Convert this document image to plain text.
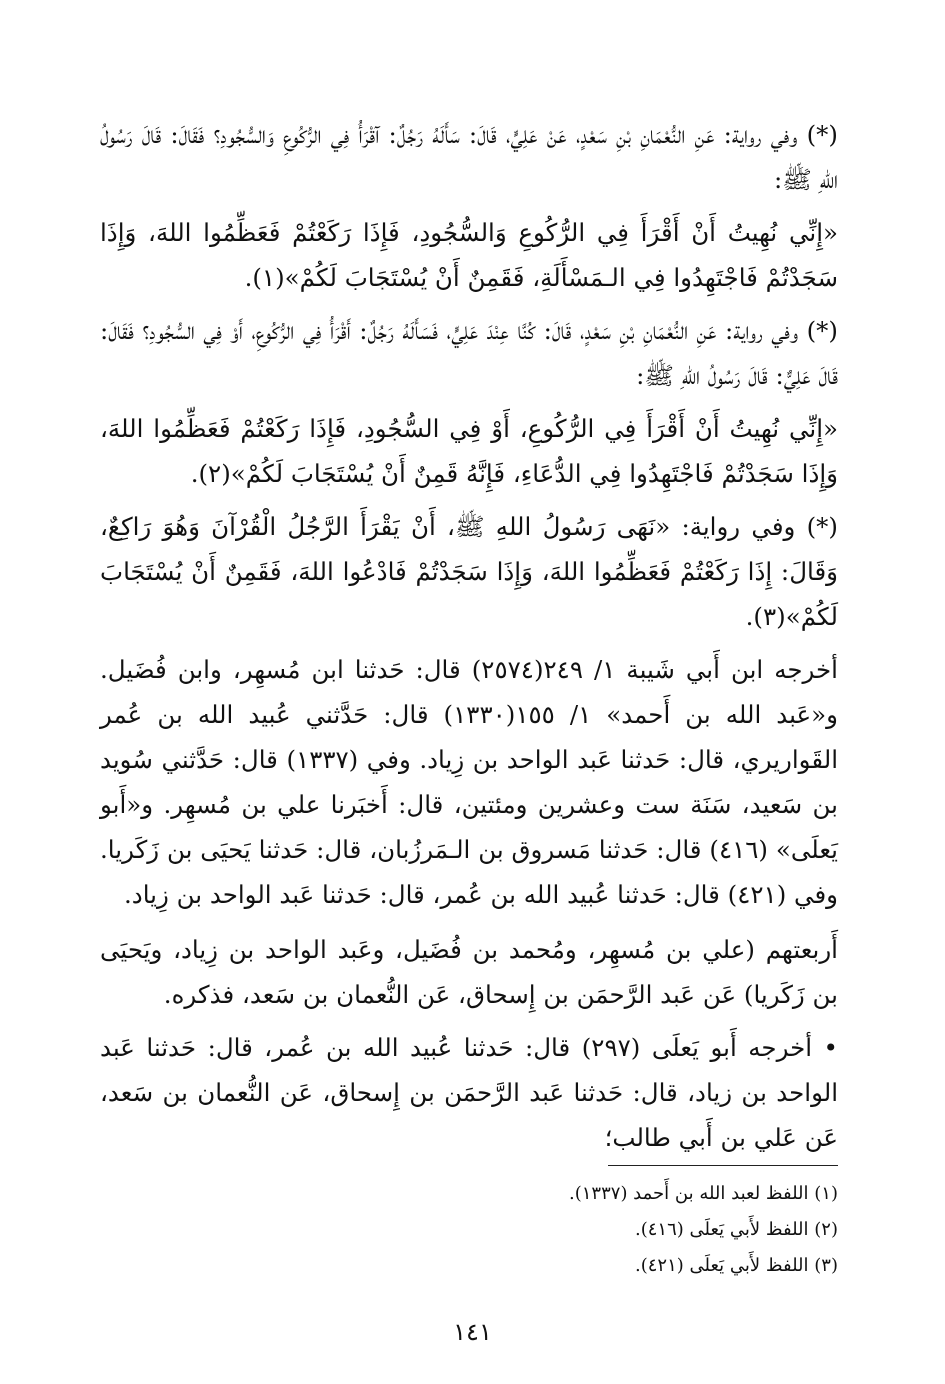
(*) وفي رواية: عَنِ النُّعْمَانِ بْنِ سَعْدٍ، عَنْ عَلِيٍّ، قَالَ: سَأَلَهُ رَجُلٌ: آقْرَأُ فِي الرُّكُوعِ وَالسُّجُودِ؟ فَقَالَ: قَالَ رَسُولُ اللهِ ﷺ:

«إِنِّي نُهِيتُ أَنْ أَقْرَأَ فِي الرُّكُوعِ وَالسُّجُودِ، فَإِذَا رَكَعْتُمْ فَعَظِّمُوا اللهَ، وَإِذَا سَجَدْتُمْ فَاجْتَهِدُوا فِي الـمَسْأَلَةِ، فَقَمِنٌ أَنْ يُسْتَجَابَ لَكُمْ»(١).

(*) وفي رواية: عَنِ النُّعْمَانِ بْنِ سَعْدٍ، قَالَ: كُنَّا عِنْدَ عَلِيٍّ، فَسَأَلَهُ رَجُلٌ: أَقْرَأُ فِي الرُّكُوعِ، أَوْ فِي السُّجُودِ؟ فَقَالَ: قَالَ عَلِيٌّ: قَالَ رَسُولُ اللهِ ﷺ:

«إِنِّي نُهِيتُ أَنْ أَقْرَأَ فِي الرُّكُوعِ، أَوْ فِي السُّجُودِ، فَإِذَا رَكَعْتُمْ فَعَظِّمُوا اللهَ، وَإِذَا سَجَدْتُمْ فَاجْتَهِدُوا فِي الدُّعَاءِ، فَإِنَّهُ قَمِنٌ أَنْ يُسْتَجَابَ لَكُمْ»(٢).

(*) وفي رواية: «نَهَى رَسُولُ اللهِ ﷺ، أَنْ يَقْرَأَ الرَّجُلُ الْقُرْآنَ وَهُوَ رَاكِعٌ، وَقَالَ: إِذَا رَكَعْتُمْ فَعَظِّمُوا اللهَ، وَإِذَا سَجَدْتُمْ فَادْعُوا اللهَ، فَقَمِنٌ أَنْ يُسْتَجَابَ لَكُمْ»(٣).

أخرجه ابن أَبي شَيبة ١/ ٢٤٩(٢٥٧٤) قال: حَدثنا ابن مُسهِر، وابن فُضَيل. و«عَبد الله بن أَحمد» ١/ ١٥٥(١٣٣٠) قال: حَدَّثني عُبيد الله بن عُمر القَواريري، قال: حَدثنا عَبد الواحد بن زِياد. وفي (١٣٣٧) قال: حَدَّثني سُويد بن سَعيد، سَنَة ست وعشرين ومئتين، قال: أَخبَرنا علي بن مُسهِر. و«أَبو يَعلَى» (٤١٦) قال: حَدثنا مَسروق بن الـمَرزُبان، قال: حَدثنا يَحيَى بن زَكَريا. وفي (٤٢١) قال: حَدثنا عُبيد الله بن عُمر، قال: حَدثنا عَبد الواحد بن زِياد.

أَربعتهم (علي بن مُسهِر، ومُحمد بن فُضَيل، وعَبد الواحد بن زِياد، ويَحيَى بن زَكَريا) عَن عَبد الرَّحمَن بن إِسحاق، عَن النُّعمان بن سَعد، فذكره.

• أخرجه أَبو يَعلَى (٢٩٧) قال: حَدثنا عُبيد الله بن عُمر، قال: حَدثنا عَبد الواحد بن زياد، قال: حَدثنا عَبد الرَّحمَن بن إِسحاق، عَن النُّعمان بن سَعد، عَن عَلي بن أَبي طالب؛

(١) اللفظ لعبد الله بن أَحمد (١٣٣٧).

(٢) اللفظ لأَبي يَعلَى (٤١٦).

(٣) اللفظ لأَبي يَعلَى (٤٢١).

١٤١
